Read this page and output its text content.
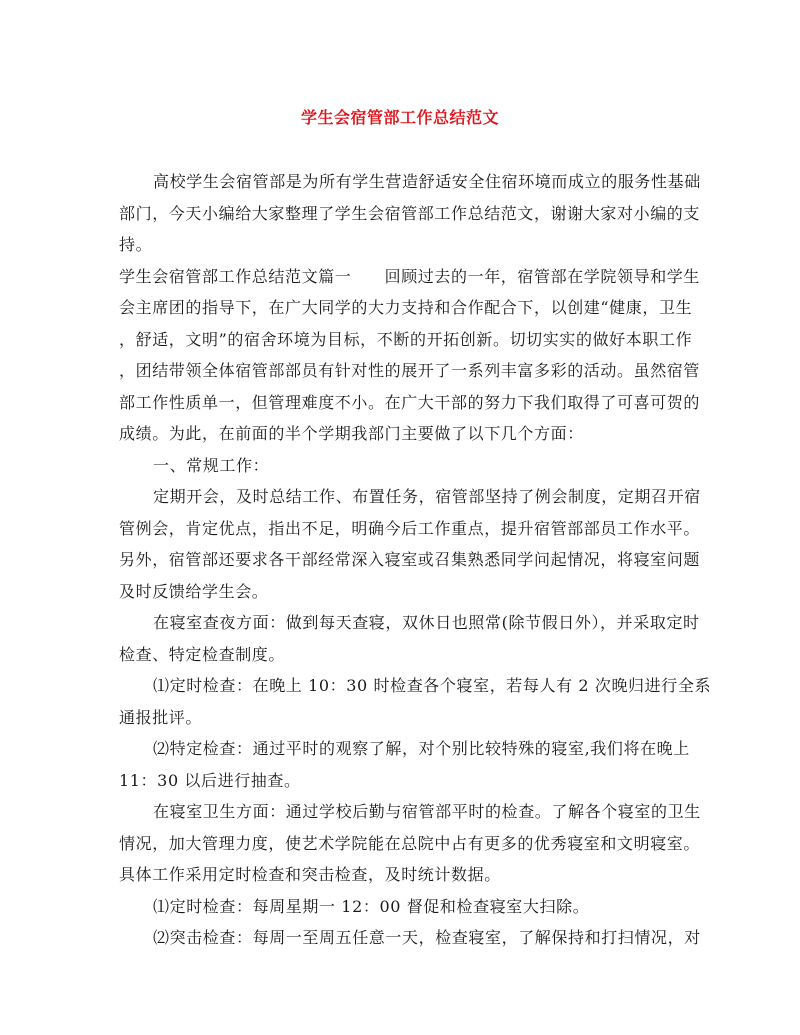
学生会宿管部工作总结范文
高校学生会宿管部是为所有学生营造舒适安全住宿环境而成立的服务性基础
部门，今天小编给大家整理了学生会宿管部工作总结范文，谢谢大家对小编的支
持。
学生会宿管部工作总结范文篇一　　回顾过去的一年，宿管部在学院领导和学生
会主席团的指导下，在广大同学的大力支持和合作配合下，以创建“健康，卫生
，舒适，文明”的宿舍环境为目标，不断的开拓创新。切切实实的做好本职工作
，团结带领全体宿管部部员有针对性的展开了一系列丰富多彩的活动。虽然宿管
部工作性质单一，但管理难度不小。在广大干部的努力下我们取得了可喜可贺的
成绩。为此，在前面的半个学期我部门主要做了以下几个方面：
一、常规工作：
定期开会，及时总结工作、布置任务，宿管部坚持了例会制度，定期召开宿
管例会，肯定优点，指出不足，明确今后工作重点，提升宿管部部员工作水平。
另外，宿管部还要求各干部经常深入寝室或召集熟悉同学问起情况，将寝室问题
及时反馈给学生会。
在寝室查夜方面：做到每天查寝，双休日也照常(除节假日外），并采取定时
检查、特定检查制度。
⑴定时检查：在晚上 10：30 时检查各个寝室，若每人有 2 次晚归进行全系
通报批评。
⑵特定检查：通过平时的观察了解，对个别比较特殊的寝室,我们将在晚上
11：30 以后进行抽查。
在寝室卫生方面：通过学校后勤与宿管部平时的检查。了解各个寝室的卫生
情况，加大管理力度，使艺术学院能在总院中占有更多的优秀寝室和文明寝室。
具体工作采用定时检查和突击检查，及时统计数据。
⑴定时检查：每周星期一 12：00 督促和检查寝室大扫除。
⑵突击检查：每周一至周五任意一天，检查寝室，了解保持和打扫情况，对
